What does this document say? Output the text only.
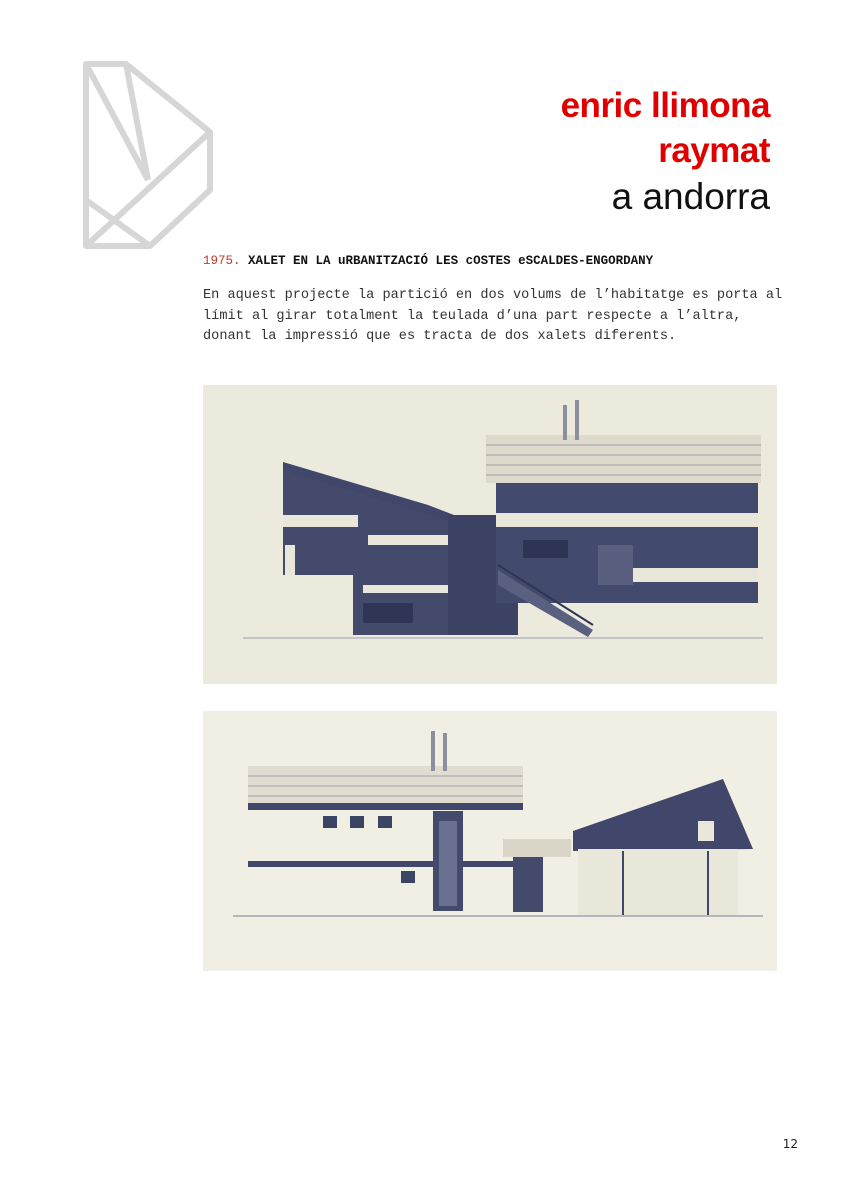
enric llimona
raymat
a andorra
1975. XALET EN LA uRBANITZACIÓ LES cOSTES eSCALDES-ENGORDANY

En aquest projecte la partició en dos volums de l’habitatge es porta al límit al girar totalment la teulada d’una part respecte a l’altra, donant la impressió que es tracta de dos xalets diferents.

12
